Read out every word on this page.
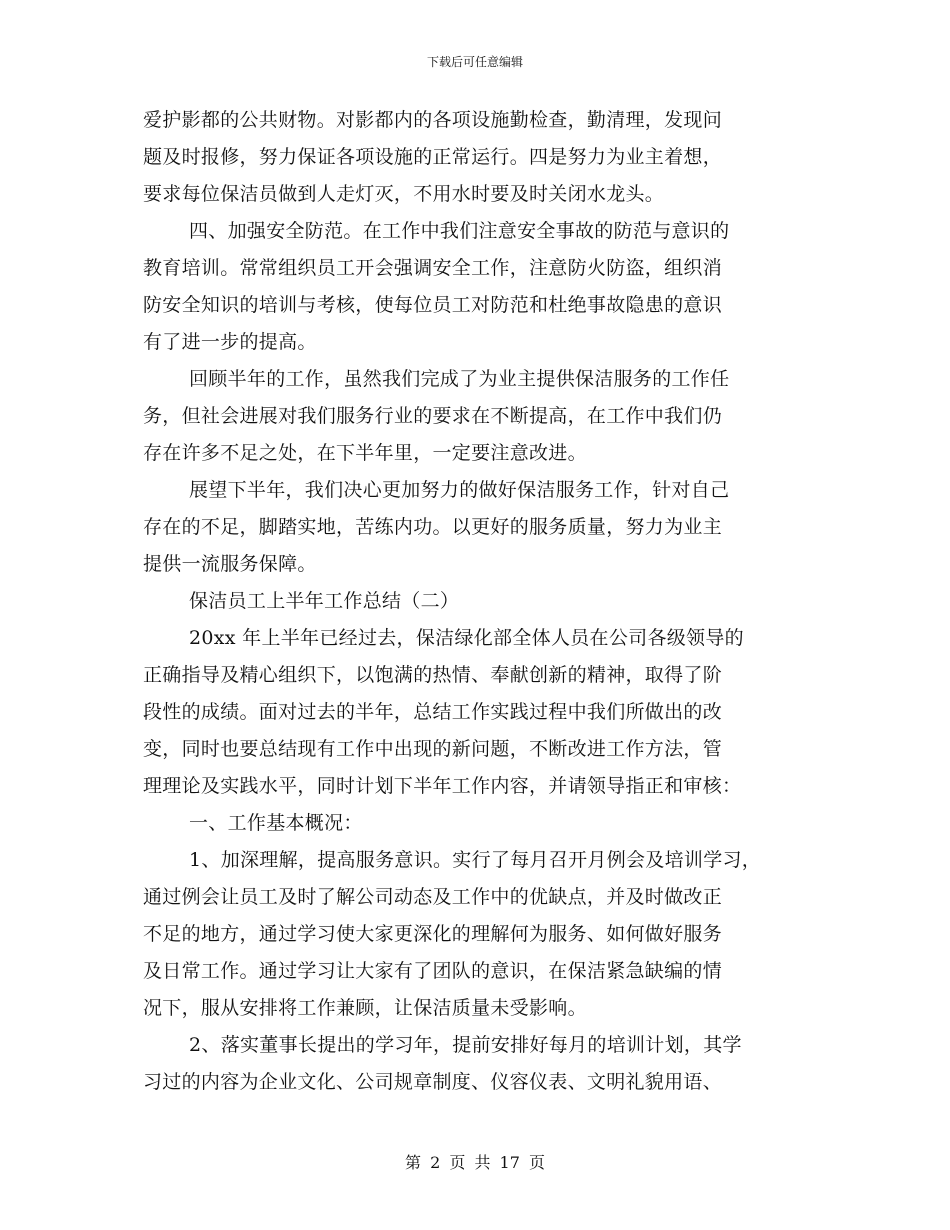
下载后可任意编辑
爱护影都的公共财物。对影都内的各项设施勤检查，勤清理，发现问
题及时报修，努力保证各项设施的正常运行。四是努力为业主着想，
要求每位保洁员做到人走灯灭，不用水时要及时关闭水龙头。
四、加强安全防范。在工作中我们注意安全事故的防范与意识的
教育培训。常常组织员工开会强调安全工作，注意防火防盗，组织消
防安全知识的培训与考核，使每位员工对防范和杜绝事故隐患的意识
有了进一步的提高。
回顾半年的工作，虽然我们完成了为业主提供保洁服务的工作任
务，但社会进展对我们服务行业的要求在不断提高，在工作中我们仍
存在许多不足之处，在下半年里，一定要注意改进。
展望下半年，我们决心更加努力的做好保洁服务工作，针对自己
存在的不足，脚踏实地，苦练内功。以更好的服务质量，努力为业主
提供一流服务保障。
保洁员工上半年工作总结（二）
20xx 年上半年已经过去，保洁绿化部全体人员在公司各级领导的
正确指导及精心组织下，以饱满的热情、奉献创新的精神，取得了阶
段性的成绩。面对过去的半年，总结工作实践过程中我们所做出的改
变，同时也要总结现有工作中出现的新问题，不断改进工作方法，管
理理论及实践水平，同时计划下半年工作内容，并请领导指正和审核：
一、工作基本概况：
1、加深理解，提高服务意识。实行了每月召开月例会及培训学习，
通过例会让员工及时了解公司动态及工作中的优缺点，并及时做改正
不足的地方，通过学习使大家更深化的理解何为服务、如何做好服务
及日常工作。通过学习让大家有了团队的意识，在保洁紧急缺编的情
况下，服从安排将工作兼顾，让保洁质量未受影响。
2、落实董事长提出的学习年，提前安排好每月的培训计划，其学
习过的内容为企业文化、公司规章制度、仪容仪表、文明礼貌用语、
第 2 页 共 17 页
